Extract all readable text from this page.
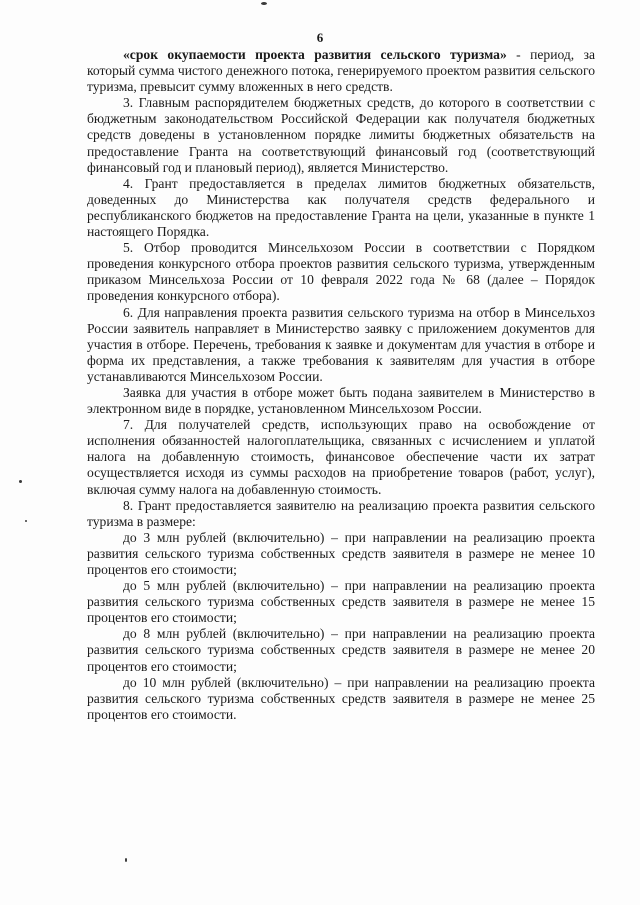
6

«срок окупаемости проекта развития сельского туризма» - период, за который сумма чистого денежного потока, генерируемого проектом развития сельского туризма, превысит сумму вложенных в него средств.

3. Главным распорядителем бюджетных средств, до которого в соответствии с бюджетным законодательством Российской Федерации как получателя бюджетных средств доведены в установленном порядке лимиты бюджетных обязательств на предоставление Гранта на соответствующий финансовый год (соответствующий финансовый год и плановый период), является Министерство.

4. Грант предоставляется в пределах лимитов бюджетных обязательств, доведенных до Министерства как получателя средств федерального и республиканского бюджетов на предоставление Гранта на цели, указанные в пункте 1 настоящего Порядка.

5. Отбор проводится Минсельхозом России в соответствии с Порядком проведения конкурсного отбора проектов развития сельского туризма, утвержденным приказом Минсельхоза России от 10 февраля 2022 года № 68 (далее – Порядок проведения конкурсного отбора).

6. Для направления проекта развития сельского туризма на отбор в Минсельхоз России заявитель направляет в Министерство заявку с приложением документов для участия в отборе. Перечень, требования к заявке и документам для участия в отборе и форма их представления, а также требования к заявителям для участия в отборе устанавливаются Минсельхозом России.

Заявка для участия в отборе может быть подана заявителем в Министерство в электронном виде в порядке, установленном Минсельхозом России.

7. Для получателей средств, использующих право на освобождение от исполнения обязанностей налогоплательщика, связанных с исчислением и уплатой налога на добавленную стоимость, финансовое обеспечение части их затрат осуществляется исходя из суммы расходов на приобретение товаров (работ, услуг), включая сумму налога на добавленную стоимость.

8. Грант предоставляется заявителю на реализацию проекта развития сельского туризма в размере:

до 3 млн рублей (включительно) – при направлении на реализацию проекта развития сельского туризма собственных средств заявителя в размере не менее 10 процентов его стоимости;

до 5 млн рублей (включительно) – при направлении на реализацию проекта развития сельского туризма собственных средств заявителя в размере не менее 15 процентов его стоимости;

до 8 млн рублей (включительно) – при направлении на реализацию проекта развития сельского туризма собственных средств заявителя в размере не менее 20 процентов его стоимости;

до 10 млн рублей (включительно) – при направлении на реализацию проекта развития сельского туризма собственных средств заявителя в размере не менее 25 процентов его стоимости.
